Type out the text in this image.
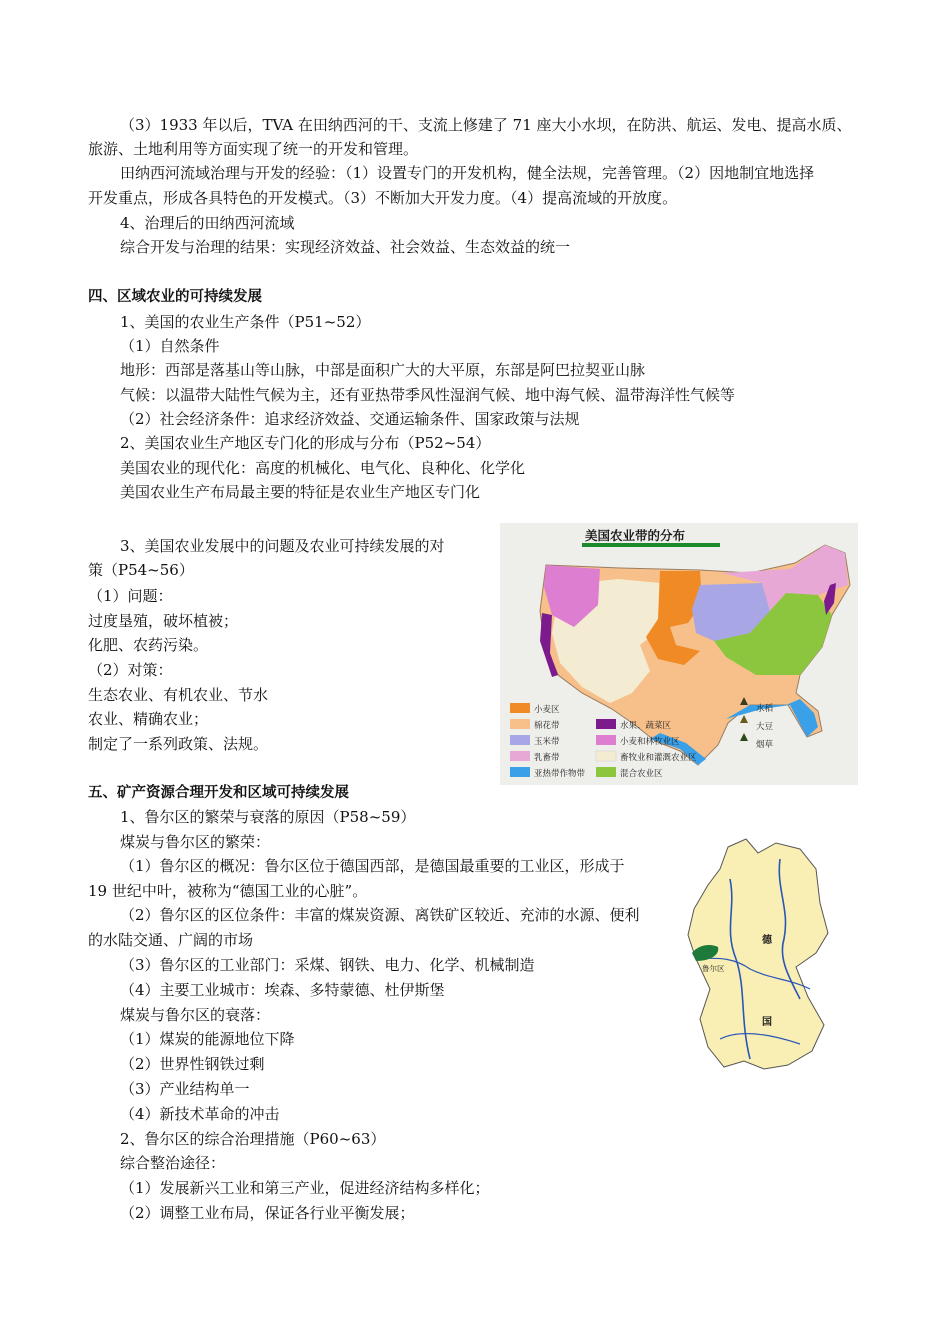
（3）1933 年以后，TVA 在田纳西河的干、支流上修建了 71 座大小水坝，在防洪、航运、发电、提高水质、
旅游、土地利用等方面实现了统一的开发和管理。
田纳西河流域治理与开发的经验：（1）设置专门的开发机构，健全法规，完善管理。（2）因地制宜地选择
开发重点，形成各具特色的开发模式。（3）不断加大开发力度。（4）提高流域的开放度。
4、治理后的田纳西河流域
综合开发与治理的结果：实现经济效益、社会效益、生态效益的统一
四、区域农业的可持续发展
1、美国的农业生产条件（P51~52）
（1）自然条件
地形：西部是落基山等山脉，中部是面积广大的大平原，东部是阿巴拉契亚山脉
气候：以温带大陆性气候为主，还有亚热带季风性湿润气候、地中海气候、温带海洋性气候等
（2）社会经济条件：追求经济效益、交通运输条件、国家政策与法规
2、美国农业生产地区专门化的形成与分布（P52~54）
美国农业的现代化：高度的机械化、电气化、良种化、化学化
美国农业生产布局最主要的特征是农业生产地区专门化
3、美国农业发展中的问题及农业可持续发展的对
策（P54~56）
（1）问题：
过度垦殖，破坏植被；
化肥、农药污染。
（2）对策：
生态农业、有机农业、节水
农业、精确农业；
制定了一系列政策、法规。
美国农业带的分布
小麦区
棉花带
玉米带
乳畜带
亚热带作物带
水果、蔬菜区
小麦和林牧业区
畜牧业和灌溉农业区
混合农业区
水稻
大豆
烟草
五、矿产资源合理开发和区域可持续发展
1、鲁尔区的繁荣与衰落的原因（P58~59）
煤炭与鲁尔区的繁荣：
（1）鲁尔区的概况：鲁尔区位于德国西部，是德国最重要的工业区，形成于
19 世纪中叶，被称为“德国工业的心脏”。
（2）鲁尔区的区位条件：丰富的煤炭资源、离铁矿区较近、充沛的水源、便利
的水陆交通、广阔的市场
（3）鲁尔区的工业部门：采煤、钢铁、电力、化学、机械制造
（4）主要工业城市：埃森、多特蒙德、杜伊斯堡
煤炭与鲁尔区的衰落：
（1）煤炭的能源地位下降
（2）世界性钢铁过剩
（3）产业结构单一
（4）新技术革命的冲击
2、鲁尔区的综合治理措施（P60~63）
综合整治途径：
（1）发展新兴工业和第三产业，促进经济结构多样化；
（2）调整工业布局，保证各行业平衡发展；
德
国
鲁尔区
